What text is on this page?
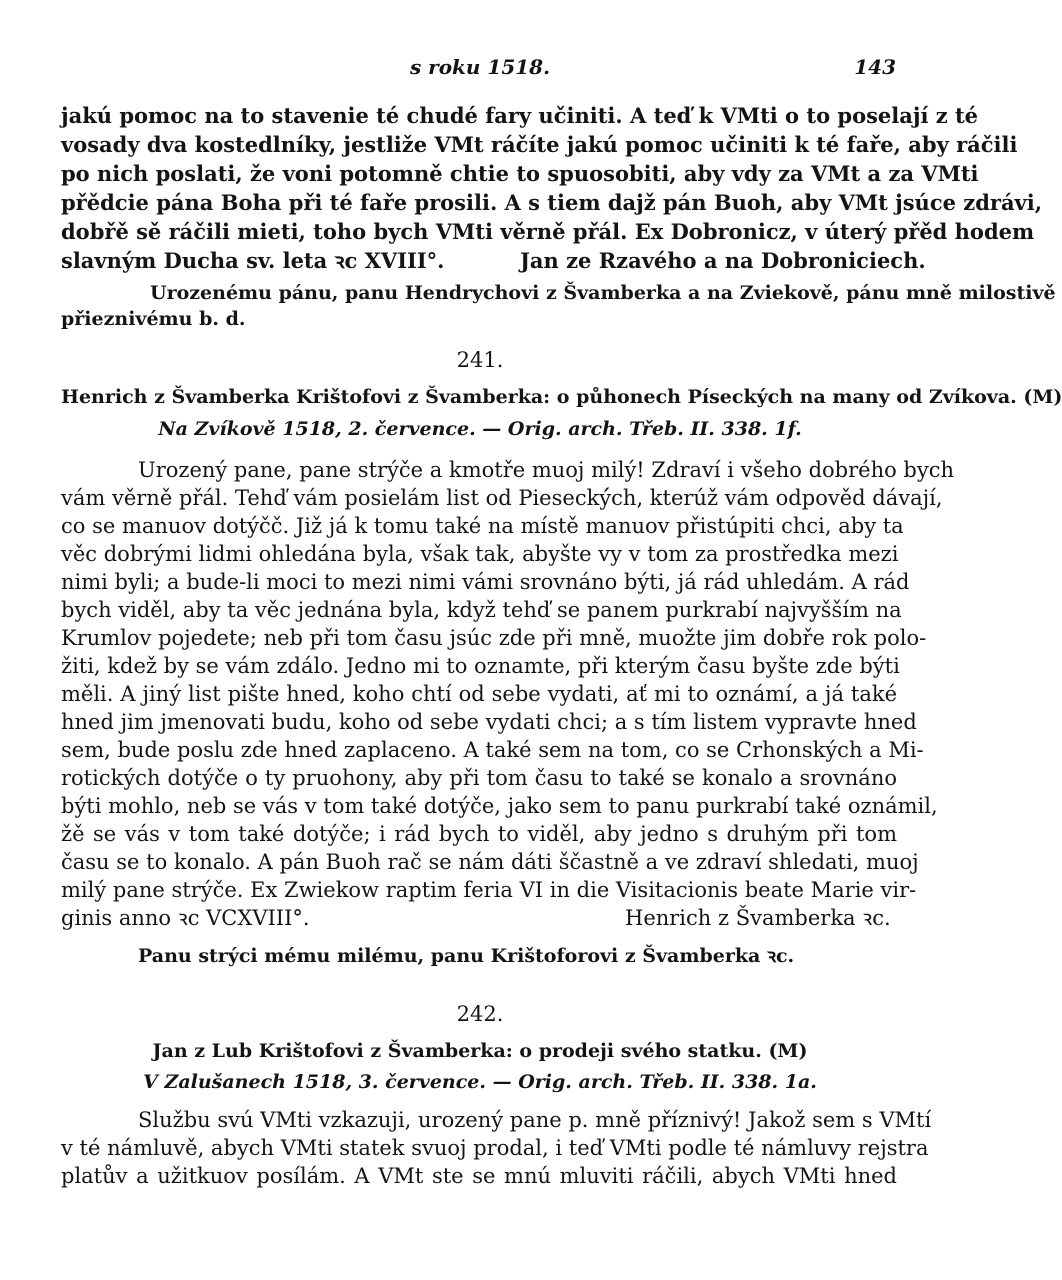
s roku 1518.	143
jakú pomoc na to stavenie té chudé fary učiniti. A teď k VMti o to poselají z té
vosady dva kostedlníky, jestliže VMt ráčíte jakú pomoc učiniti k té faře, aby ráčili
po nich poslati, že voni potomně chtie to spuosobiti, aby vdy za VMt a za VMti
přědcie pána Boha při té faře prosili. A s tiem dajž pán Buoh, aby VMt jsúce zdrávi,
dobřě sě ráčili mieti, toho bych VMti věrně přál. Ex Dobronicz, v úterý přěd hodem
slavným Ducha sv. leta ꝛc XVIII°.	Jan ze Rzavého a na Dobroniciech.
Urozenému pánu, panu Hendrychovi z Švamberka a na Zviekově, pánu mně milostivě
přieznivému b. d.
241.
Henrich z Švamberka Krištofovi z Švamberka: o půhonech Píseckých na many od Zvíkova. (M)
Na Zvíkově 1518, 2. července. — Orig. arch. Třeb. II. 338. 1f.
Urozený pane, pane strýče a kmotře muoj milý! Zdraví i všeho dobrého bych
vám věrně přál. Tehď vám posielám list od Piesecký́ch, kterúž vám odpověd dávají,
co se manuov dotýčč. Již já k tomu také na místě manuov přistúpiti chci, aby ta
věc dobrými lidmi ohledána byla, však tak, abyšte vy v tom za prostředka mezi
nimi byli; a bude-li moci to mezi nimi vámi srovnáno býti, já rád uhledám. A rád
bych viděl, aby ta věc jednána byla, když tehď se panem purkrabí najvyšším na
Krumlov pojedete; neb při tom času jsúc zde při mně, muožte jim dobře rok polo-
žiti, kdež by se vám zdálo. Jedno mi to oznamte, při kterým času byšte zde býti
měli. A jiný list pište hned, koho chtí od sebe vydati, ať mi to oznámí, a já také
hned jim jmenovati budu, koho od sebe vydati chci; a s tím listem vypravte hned
sem, bude poslu zde hned zaplaceno. A také sem na tom, co se Crhonských a Mi-
rotických dotýče o ty pruohony, aby při tom času to také se konalo a srovnáno
býti mohlo, neb se vás v tom také dotýče, jako sem to panu purkrabí také oznámil,
žě se vás v tom také dotýče; i rád bych to viděl, aby jedno s druhým při tom
času se to konalo. A pán Buoh rač se nám dáti ščastně a ve zdraví shledati, muoj
milý pane strýče. Ex Zwiekow raptim feria VI in die Visitacionis beate Marie vir-
ginis anno ꝛc VCXVIII°.	Henrich z Švamberka ꝛc.
Panu strýci mému milému, panu Krištoforovi z Švamberka ꝛc.
242.
Jan z Lub Krištofovi z Švamberka: o prodeji svého statku. (M)
V Zalušanech 1518, 3. července. — Orig. arch. Třeb. II. 338. 1a.
Službu svú VMti vzkazuji, urozený pane p. mně příznivý! Jakož sem s VMtí
v té námluvě, abych VMti statek svuoj prodal, i teď VMti podle té námluvy rejstra
platův a užitkuov posílám. A VMt ste se mnú mluviti ráčili, abych VMti hned
